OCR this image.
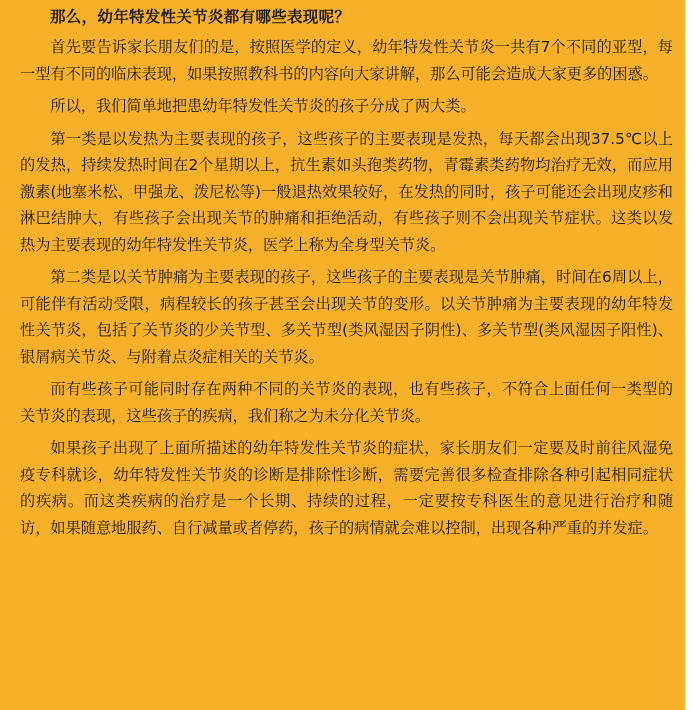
那么，幼年特发性关节炎都有哪些表现呢？

首先要告诉家长朋友们的是，按照医学的定义，幼年特发性关节炎一共有7个不同的亚型，每一型有不同的临床表现，如果按照教科书的内容向大家讲解，那么可能会造成大家更多的困惑。

所以，我们简单地把患幼年特发性关节炎的孩子分成了两大类。

第一类是以发热为主要表现的孩子，这些孩子的主要表现是发热，每天都会出现37.5℃以上的发热，持续发热时间在2个星期以上，抗生素如头孢类药物，青霉素类药物均治疗无效，而应用激素(地塞米松、甲强龙、泼尼松等)一般退热效果较好，在发热的同时，孩子可能还会出现皮疹和淋巴结肿大，有些孩子会出现关节的肿痛和拒绝活动，有些孩子则不会出现关节症状。这类以发热为主要表现的幼年特发性关节炎，医学上称为全身型关节炎。

第二类是以关节肿痛为主要表现的孩子，这些孩子的主要表现是关节肿痛，时间在6周以上，可能伴有活动受限，病程较长的孩子甚至会出现关节的变形。以关节肿痛为主要表现的幼年特发性关节炎，包括了关节炎的少关节型、多关节型(类风湿因子阴性)、多关节型(类风湿因子阳性)、银屑病关节炎、与附着点炎症相关的关节炎。

而有些孩子可能同时存在两种不同的关节炎的表现，也有些孩子，不符合上面任何一类型的关节炎的表现，这些孩子的疾病，我们称之为未分化关节炎。

如果孩子出现了上面所描述的幼年特发性关节炎的症状，家长朋友们一定要及时前往风湿免疫专科就诊，幼年特发性关节炎的诊断是排除性诊断，需要完善很多检查排除各种引起相同症状的疾病。而这类疾病的治疗是一个长期、持续的过程，一定要按专科医生的意见进行治疗和随访，如果随意地服药、自行减量或者停药，孩子的病情就会难以控制，出现各种严重的并发症。
